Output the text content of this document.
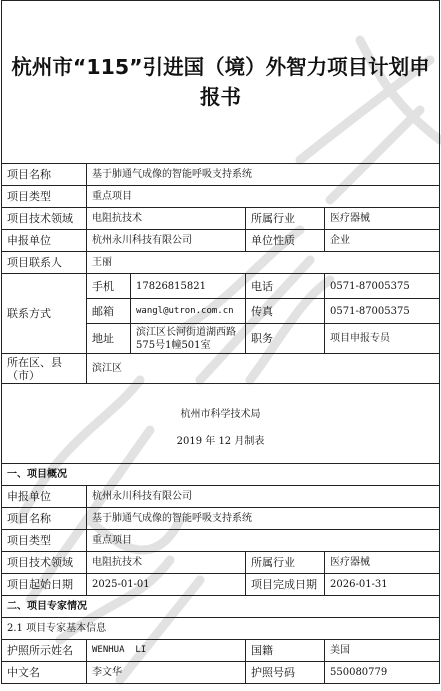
杭州市“115”引进国（境）外智力项目计划申报书				
项目名称	基于肺通气成像的智能呼吸支持系统			
项目类型	重点项目			
项目技术领域	电阻抗技术		所属行业	医疗器械
申报单位	杭州永川科技有限公司		单位性质	企业
项目联系人	王丽			
联系方式	手机	17826815821	电话	0571-87005375
	邮箱	wangl@utron.com.cn	传真	0571-87005375
	地址	滨江区长河街道湖西路575号1幢501室	职务	项目申报专员
所在区、县（市）	滨江区			

杭州市科学技术局
2019 年 12 月制表				

一、项目概况				
申报单位	杭州永川科技有限公司			
项目名称	基于肺通气成像的智能呼吸支持系统			
项目类型	重点项目			
项目技术领域	电阻抗技术		所属行业	医疗器械
项目起始日期	2025-01-01		项目完成日期	2026-01-31
二、项目专家情况				
2.1 项目专家基本信息				
护照所示姓名	WENHUA  LI		国籍	美国
中文名	李文华		护照号码	550080779
